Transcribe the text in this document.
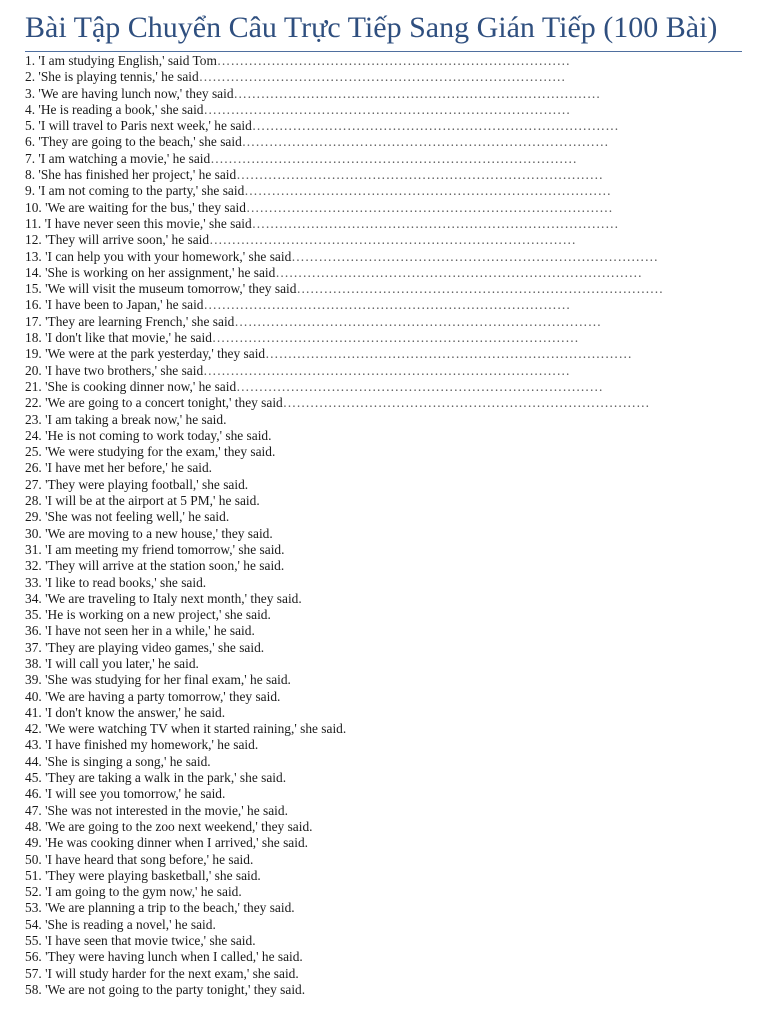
Bài Tập Chuyển Câu Trực Tiếp Sang Gián Tiếp (100 Bài)
1. 'I am studying English,' said Tom……………………………………………………………………
2. 'She is playing tennis,' he said………………………………………………………………………
3. 'We are having lunch now,' they said………………………………………………………………………
4. 'He is reading a book,' she said………………………………………………………………………
5. 'I will travel to Paris next week,' he said………………………………………………………………………
6. 'They are going to the beach,' she said………………………………………………………………………
7. 'I am watching a movie,' he said………………………………………………………………………
8. 'She has finished her project,' he said………………………………………………………………………
9. 'I am not coming to the party,' she said………………………………………………………………………
10. 'We are waiting for the bus,' they said………………………………………………………………………
11. 'I have never seen this movie,' she said………………………………………………………………………
12. 'They will arrive soon,' he said………………………………………………………………………
13. 'I can help you with your homework,' she said………………………………………………………………………
14. 'She is working on her assignment,' he said………………………………………………………………………
15. 'We will visit the museum tomorrow,' they said………………………………………………………………………
16. 'I have been to Japan,' he said………………………………………………………………………
17. 'They are learning French,' she said………………………………………………………………………
18. 'I don't like that movie,' he said………………………………………………………………………
19. 'We were at the park yesterday,' they said………………………………………………………………………
20. 'I have two brothers,' she said………………………………………………………………………
21. 'She is cooking dinner now,' he said………………………………………………………………………
22. 'We are going to a concert tonight,' they said………………………………………………………………………
23. 'I am taking a break now,' he said.
24. 'He is not coming to work today,' she said.
25. 'We were studying for the exam,' they said.
26. 'I have met her before,' he said.
27. 'They were playing football,' she said.
28. 'I will be at the airport at 5 PM,' he said.
29. 'She was not feeling well,' he said.
30. 'We are moving to a new house,' they said.
31. 'I am meeting my friend tomorrow,' she said.
32. 'They will arrive at the station soon,' he said.
33. 'I like to read books,' she said.
34. 'We are traveling to Italy next month,' they said.
35. 'He is working on a new project,' she said.
36. 'I have not seen her in a while,' he said.
37. 'They are playing video games,' she said.
38. 'I will call you later,' he said.
39. 'She was studying for her final exam,' he said.
40. 'We are having a party tomorrow,' they said.
41. 'I don't know the answer,' he said.
42. 'We were watching TV when it started raining,' she said.
43. 'I have finished my homework,' he said.
44. 'She is singing a song,' he said.
45. 'They are taking a walk in the park,' she said.
46. 'I will see you tomorrow,' he said.
47. 'She was not interested in the movie,' he said.
48. 'We are going to the zoo next weekend,' they said.
49. 'He was cooking dinner when I arrived,' she said.
50. 'I have heard that song before,' he said.
51. 'They were playing basketball,' she said.
52. 'I am going to the gym now,' he said.
53. 'We are planning a trip to the beach,' they said.
54. 'She is reading a novel,' he said.
55. 'I have seen that movie twice,' she said.
56. 'They were having lunch when I called,' he said.
57. 'I will study harder for the next exam,' she said.
58. 'We are not going to the party tonight,' they said.
